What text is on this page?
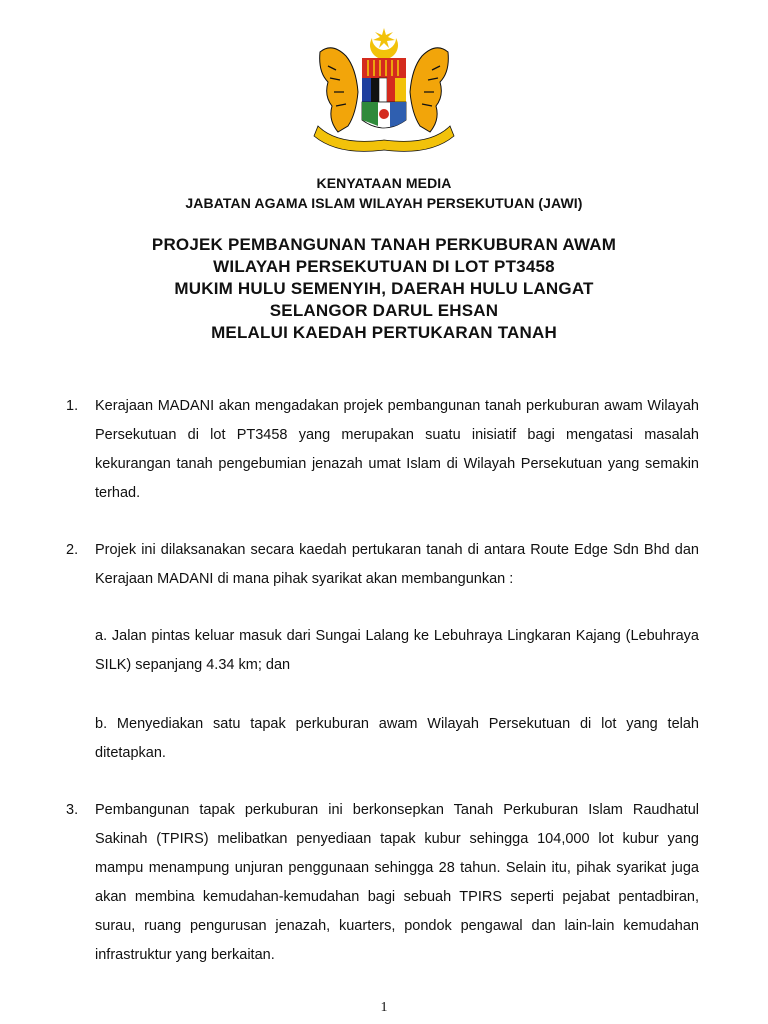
KENYATAAN MEDIA
JABATAN AGAMA ISLAM WILAYAH PERSEKUTUAN (JAWI)
PROJEK PEMBANGUNAN TANAH PERKUBURAN AWAM
WILAYAH PERSEKUTUAN DI LOT PT3458
MUKIM HULU SEMENYIH, DAERAH HULU LANGAT
SELANGOR DARUL EHSAN
MELALUI KAEDAH PERTUKARAN TANAH
1. Kerajaan MADANI akan mengadakan projek pembangunan tanah perkuburan awam Wilayah Persekutuan di lot PT3458 yang merupakan suatu inisiatif bagi mengatasi masalah kekurangan tanah pengebumian jenazah umat Islam di Wilayah Persekutuan yang semakin terhad.
2. Projek ini dilaksanakan secara kaedah pertukaran tanah di antara Route Edge Sdn Bhd dan Kerajaan MADANI di mana pihak syarikat akan membangunkan :
a. Jalan pintas keluar masuk dari Sungai Lalang ke Lebuhraya Lingkaran Kajang (Lebuhraya SILK) sepanjang 4.34 km; dan
b. Menyediakan satu tapak perkuburan awam Wilayah Persekutuan di lot yang telah ditetapkan.
3. Pembangunan tapak perkuburan ini berkonsepkan Tanah Perkuburan Islam Raudhatul Sakinah (TPIRS) melibatkan penyediaan tapak kubur sehingga 104,000 lot kubur yang mampu menampung unjuran penggunaan sehingga 28 tahun. Selain itu, pihak syarikat juga akan membina kemudahan-kemudahan bagi sebuah TPIRS seperti pejabat pentadbiran, surau, ruang pengurusan jenazah, kuarters, pondok pengawal dan lain-lain kemudahan infrastruktur yang berkaitan.
1
